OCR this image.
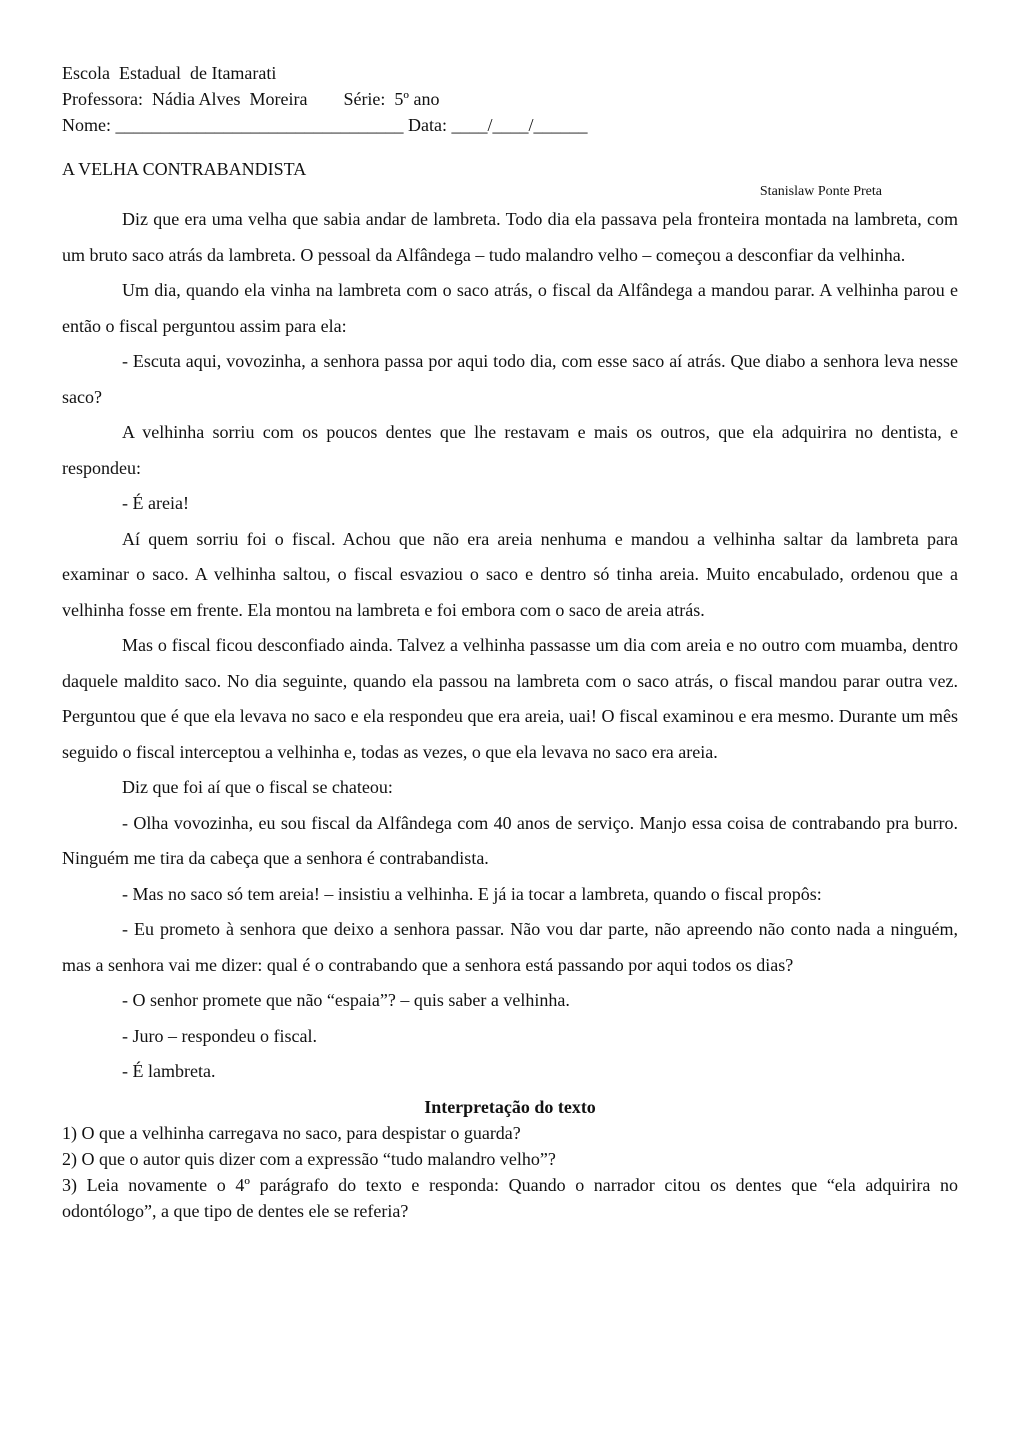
Escola  Estadual  de Itamarati
Professora:  Nádia Alves  Moreira Série:  5º ano
Nome: ________________________________ Data: ____/____/______
A VELHA CONTRABANDISTA
Stanislaw Ponte Preta

Diz que era uma velha que sabia andar de lambreta. Todo dia ela passava pela fronteira montada na lambreta, com um bruto saco atrás da lambreta. O pessoal da Alfândega – tudo malandro velho – começou a desconfiar da velhinha.

Um dia, quando ela vinha na lambreta com o saco atrás, o fiscal da Alfândega a mandou parar. A velhinha parou e então o fiscal perguntou assim para ela:

- Escuta aqui, vovozinha, a senhora passa por aqui todo dia, com esse saco aí atrás. Que diabo a senhora leva nesse saco?

A velhinha sorriu com os poucos dentes que lhe restavam e mais os outros, que ela adquirira no dentista, e respondeu:

- É areia!

Aí quem sorriu foi o fiscal. Achou que não era areia nenhuma e mandou a velhinha saltar da lambreta para examinar o saco. A velhinha saltou, o fiscal esvaziou o saco e dentro só tinha areia. Muito encabulado, ordenou que a velhinha fosse em frente. Ela montou na lambreta e foi embora com o saco de areia atrás.

Mas o fiscal ficou desconfiado ainda. Talvez a velhinha passasse um dia com areia e no outro com muamba, dentro daquele maldito saco. No dia seguinte, quando ela passou na lambreta com o saco atrás, o fiscal mandou parar outra vez. Perguntou que é que ela levava no saco e ela respondeu que era areia, uai! O fiscal examinou e era mesmo. Durante um mês seguido o fiscal interceptou a velhinha e, todas as vezes, o que ela levava no saco era areia.

Diz que foi aí que o fiscal se chateou:

- Olha vovozinha, eu sou fiscal da Alfândega com 40 anos de serviço. Manjo essa coisa de contrabando pra burro. Ninguém me tira da cabeça que a senhora é contrabandista.

- Mas no saco só tem areia! – insistiu a velhinha. E já ia tocar a lambreta, quando o fiscal propôs:

- Eu prometo à senhora que deixo a senhora passar. Não vou dar parte, não apreendo não conto nada a ninguém, mas a senhora vai me dizer: qual é o contrabando que a senhora está passando por aqui todos os dias?

- O senhor promete que não “espaia”? – quis saber a velhinha.

- Juro – respondeu o fiscal.

- É lambreta.

Interpretação do texto

1) O que a velhinha carregava no saco, para despistar o guarda?

2) O que o autor quis dizer com a expressão “tudo malandro velho”?

3) Leia novamente o 4º parágrafo do texto e responda: Quando o narrador citou os dentes que “ela adquirira no odontólogo”, a que tipo de dentes ele se referia?
